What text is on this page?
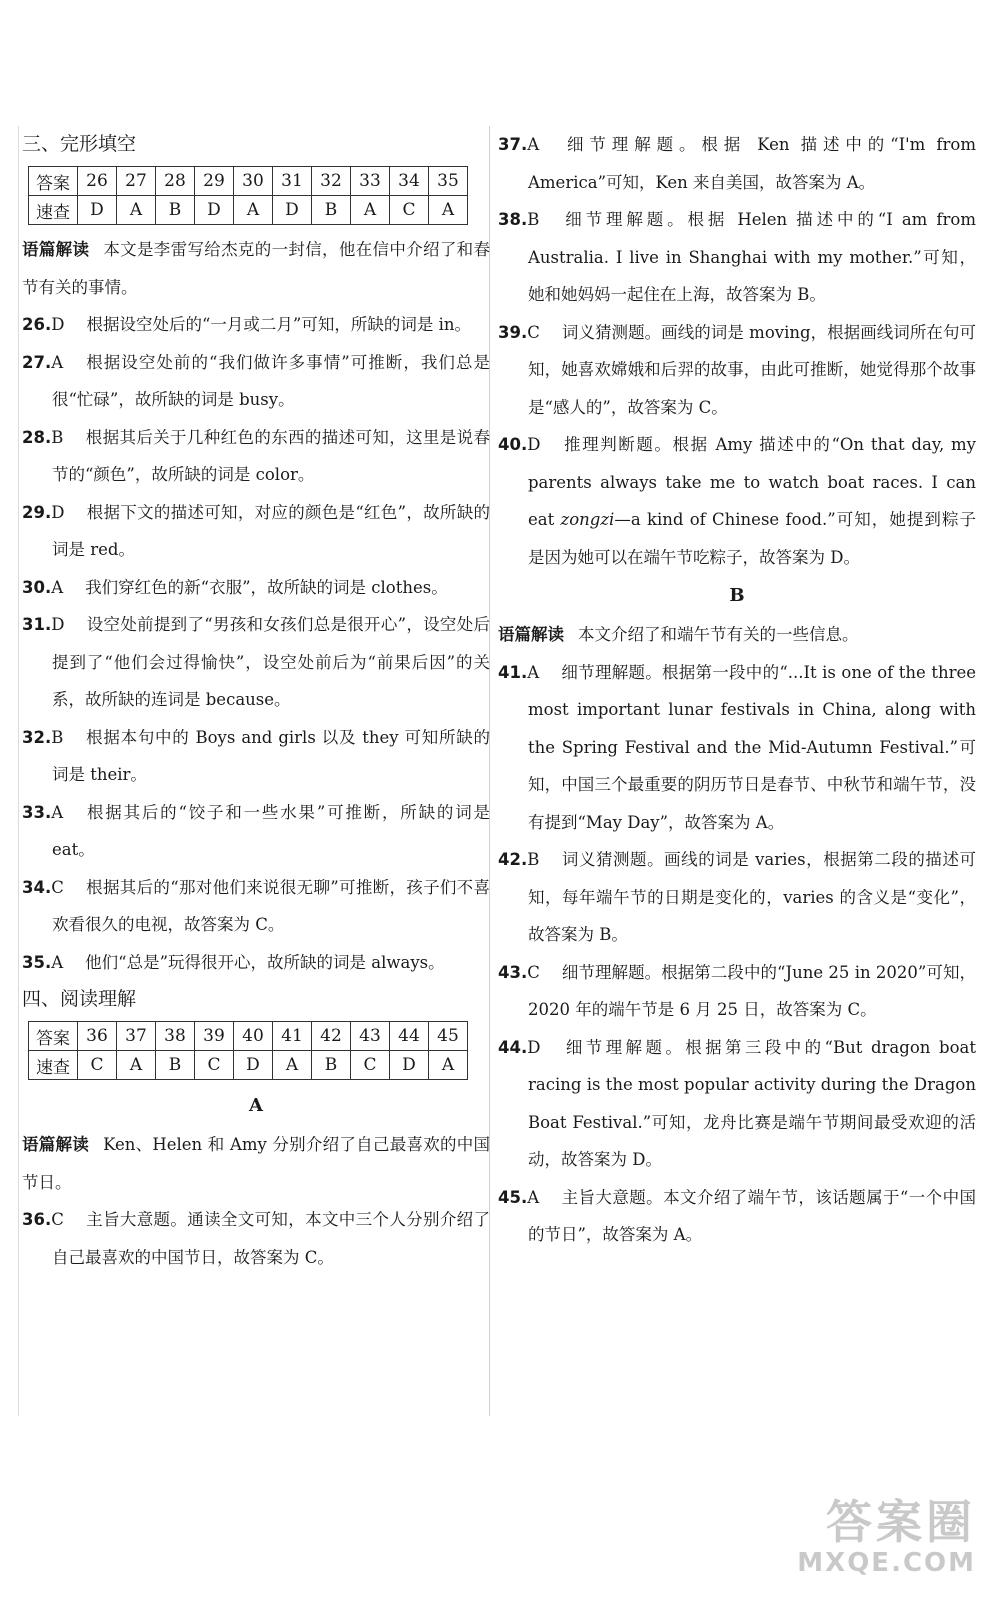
三、完形填空
答案	26	27	28	29	30	31	32	33	34	35
速查	D	A	B	D	A	D	B	A	C	A
语篇解读 本文是李雷写给杰克的一封信，他在信中介绍了和春节有关的事情。
26.D 根据设空处后的“一月或二月”可知，所缺的词是 in。
27.A 根据设空处前的“我们做许多事情”可推断，我们总是很“忙碌”，故所缺的词是 busy。
28.B 根据其后关于几种红色的东西的描述可知，这里是说春节的“颜色”，故所缺的词是 color。
29.D 根据下文的描述可知，对应的颜色是“红色”，故所缺的词是 red。
30.A 我们穿红色的新“衣服”，故所缺的词是 clothes。
31.D 设空处前提到了“男孩和女孩们总是很开心”，设空处后提到了“他们会过得愉快”，设空处前后为“前果后因”的关系，故所缺的连词是 because。
32.B 根据本句中的 Boys and girls 以及 they 可知所缺的词是 their。
33.A 根据其后的“饺子和一些水果”可推断，所缺的词是 eat。
34.C 根据其后的“那对他们来说很无聊”可推断，孩子们不喜欢看很久的电视，故答案为 C。
35.A 他们“总是”玩得很开心，故所缺的词是 always。
四、阅读理解
答案	36	37	38	39	40	41	42	43	44	45
速查	C	A	B	C	D	A	B	C	D	A
A
语篇解读 Ken、Helen 和 Amy 分别介绍了自己最喜欢的中国节日。
36.C 主旨大意题。通读全文可知，本文中三个人分别介绍了自己最喜欢的中国节日，故答案为 C。
37.A 细节理解题。根据 Ken 描述中的“I'm from America”可知，Ken 来自美国，故答案为 A。
38.B 细节理解题。根据 Helen 描述中的“I am from Australia. I live in Shanghai with my mother.”可知，她和她妈妈一起住在上海，故答案为 B。
39.C 词义猜测题。画线的词是 moving，根据画线词所在句可知，她喜欢嫦娥和后羿的故事，由此可推断，她觉得那个故事是“感人的”，故答案为 C。
40.D 推理判断题。根据 Amy 描述中的“On that day, my parents always take me to watch boat races. I can eat zongzi—a kind of Chinese food.”可知，她提到粽子是因为她可以在端午节吃粽子，故答案为 D。
B
语篇解读 本文介绍了和端午节有关的一些信息。
41.A 细节理解题。根据第一段中的“...It is one of the three most important lunar festivals in China, along with the Spring Festival and the Mid-Autumn Festival.”可知，中国三个最重要的阴历节日是春节、中秋节和端午节，没有提到“May Day”，故答案为 A。
42.B 词义猜测题。画线的词是 varies，根据第二段的描述可知，每年端午节的日期是变化的，varies 的含义是“变化”，故答案为 B。
43.C 细节理解题。根据第二段中的“June 25 in 2020”可知，2020 年的端午节是 6 月 25 日，故答案为 C。
44.D 细节理解题。根据第三段中的“But dragon boat racing is the most popular activity during the Dragon Boat Festival.”可知，龙舟比赛是端午节期间最受欢迎的活动，故答案为 D。
45.A 主旨大意题。本文介绍了端午节，该话题属于“一个中国的节日”，故答案为 A。
答案圈
MXQE.COM
